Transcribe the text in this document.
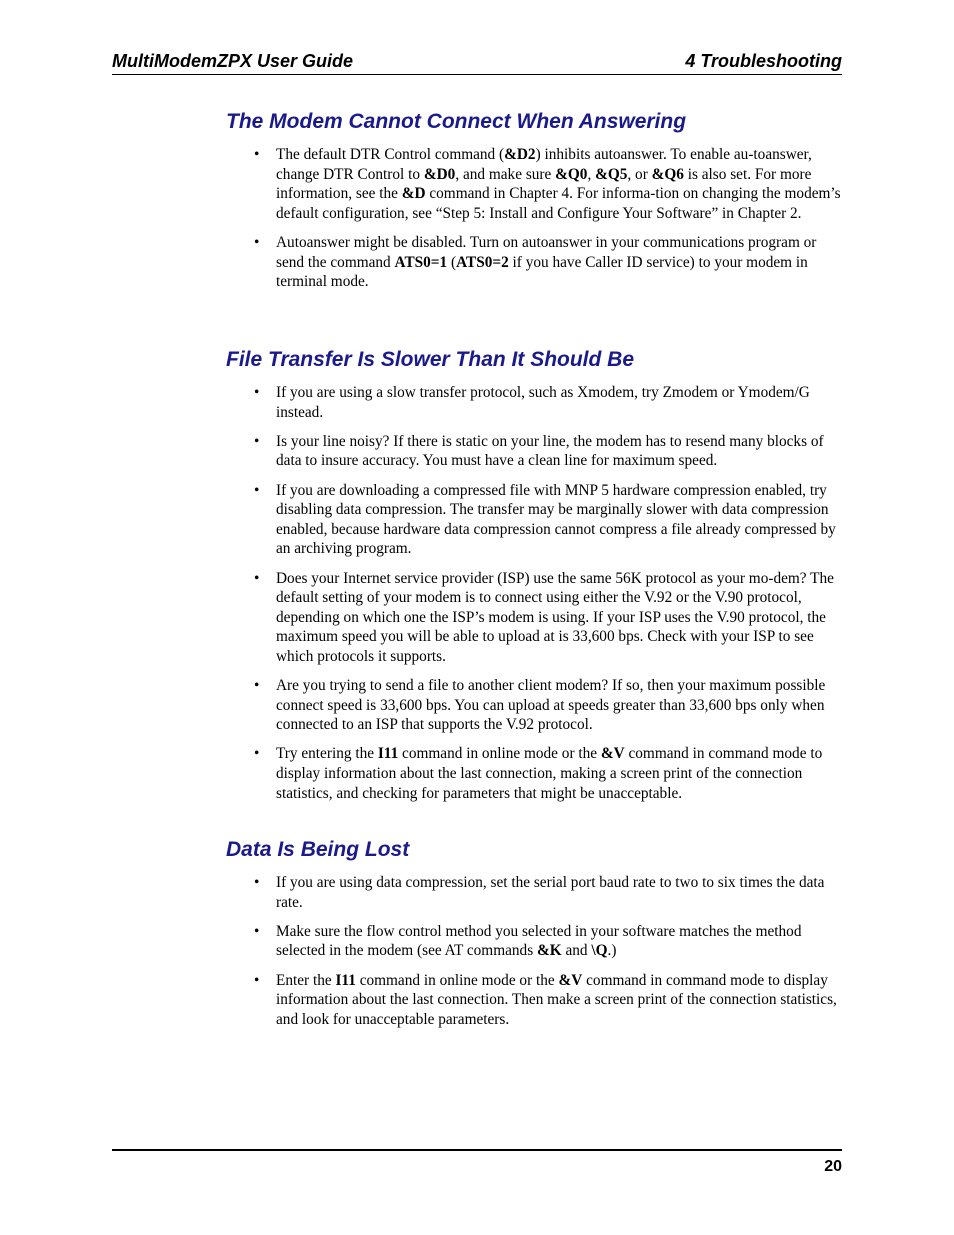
MultiModemZPX User Guide	4 Troubleshooting
The Modem Cannot Connect When Answering
• The default DTR Control command (&D2) inhibits autoanswer. To enable au-toanswer, change DTR Control to &D0, and make sure &Q0, &Q5, or &Q6 is also set. For more information, see the &D command in Chapter 4. For informa-tion on changing the modem’s default configuration, see “Step 5: Install and Configure Your Software” in Chapter 2.
• Autoanswer might be disabled. Turn on autoanswer in your communications program or send the command ATS0=1 (ATS0=2 if you have Caller ID service) to your modem in terminal mode.
File Transfer Is Slower Than It Should Be
• If you are using a slow transfer protocol, such as Xmodem, try Zmodem or Ymodem/G instead.
• Is your line noisy? If there is static on your line, the modem has to resend many blocks of data to insure accuracy. You must have a clean line for maximum speed.
• If you are downloading a compressed file with MNP 5 hardware compression enabled, try disabling data compression. The transfer may be marginally slower with data compression enabled, because hardware data compression cannot compress a file already compressed by an archiving program.
• Does your Internet service provider (ISP) use the same 56K protocol as your mo-dem? The default setting of your modem is to connect using either the V.92 or the V.90 protocol, depending on which one the ISP’s modem is using. If your ISP uses the V.90 protocol, the maximum speed you will be able to upload at is 33,600 bps. Check with your ISP to see which protocols it supports.
• Are you trying to send a file to another client modem? If so, then your maximum possible connect speed is 33,600 bps. You can upload at speeds greater than 33,600 bps only when connected to an ISP that supports the V.92 protocol.
• Try entering the I11 command in online mode or the &V command in command mode to display information about the last connection, making a screen print of the connection statistics, and checking for parameters that might be unacceptable.
Data Is Being Lost
• If you are using data compression, set the serial port baud rate to two to six times the data rate.
• Make sure the flow control method you selected in your software matches the method selected in the modem (see AT commands &K and \Q.)
• Enter the I11 command in online mode or the &V command in command mode to display information about the last connection. Then make a screen print of the connection statistics, and look for unacceptable parameters.
20
